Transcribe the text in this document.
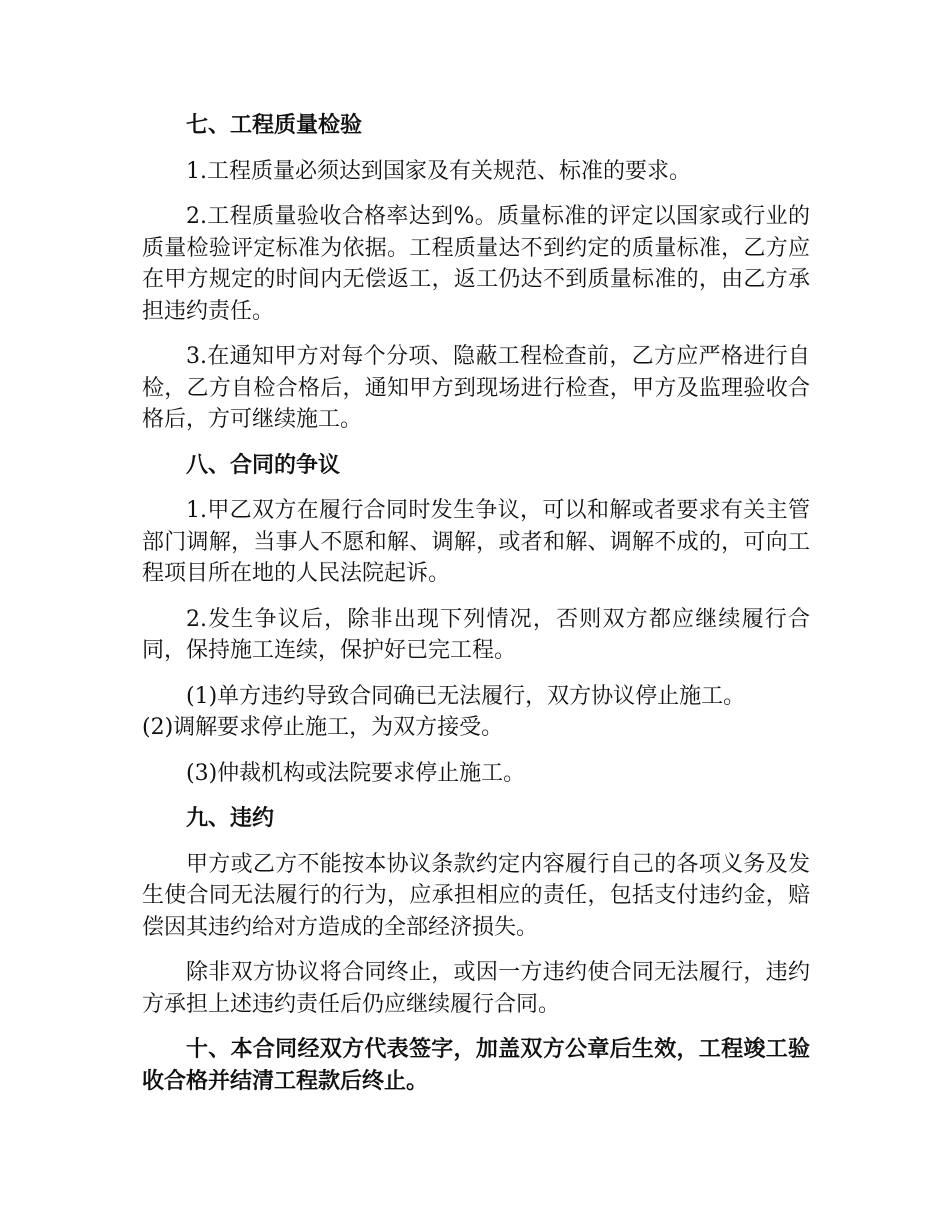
七、工程质量检验

1.工程质量必须达到国家及有关规范、标准的要求。

2.工程质量验收合格率达到%。质量标准的评定以国家或行业的质量检验评定标准为依据。工程质量达不到约定的质量标准，乙方应在甲方规定的时间内无偿返工，返工仍达不到质量标准的，由乙方承担违约责任。

3.在通知甲方对每个分项、隐蔽工程检查前，乙方应严格进行自检，乙方自检合格后，通知甲方到现场进行检查，甲方及监理验收合格后，方可继续施工。

八、合同的争议

1.甲乙双方在履行合同时发生争议，可以和解或者要求有关主管部门调解，当事人不愿和解、调解，或者和解、调解不成的，可向工程项目所在地的人民法院起诉。

2.发生争议后，除非出现下列情况，否则双方都应继续履行合同，保持施工连续，保护好已完工程。

(1)单方违约导致合同确已无法履行，双方协议停止施工。

(2)调解要求停止施工，为双方接受。

(3)仲裁机构或法院要求停止施工。

九、违约

甲方或乙方不能按本协议条款约定内容履行自己的各项义务及发生使合同无法履行的行为，应承担相应的责任，包括支付违约金，赔偿因其违约给对方造成的全部经济损失。

除非双方协议将合同终止，或因一方违约使合同无法履行，违约方承担上述违约责任后仍应继续履行合同。

十、本合同经双方代表签字，加盖双方公章后生效，工程竣工验收合格并结清工程款后终止。
